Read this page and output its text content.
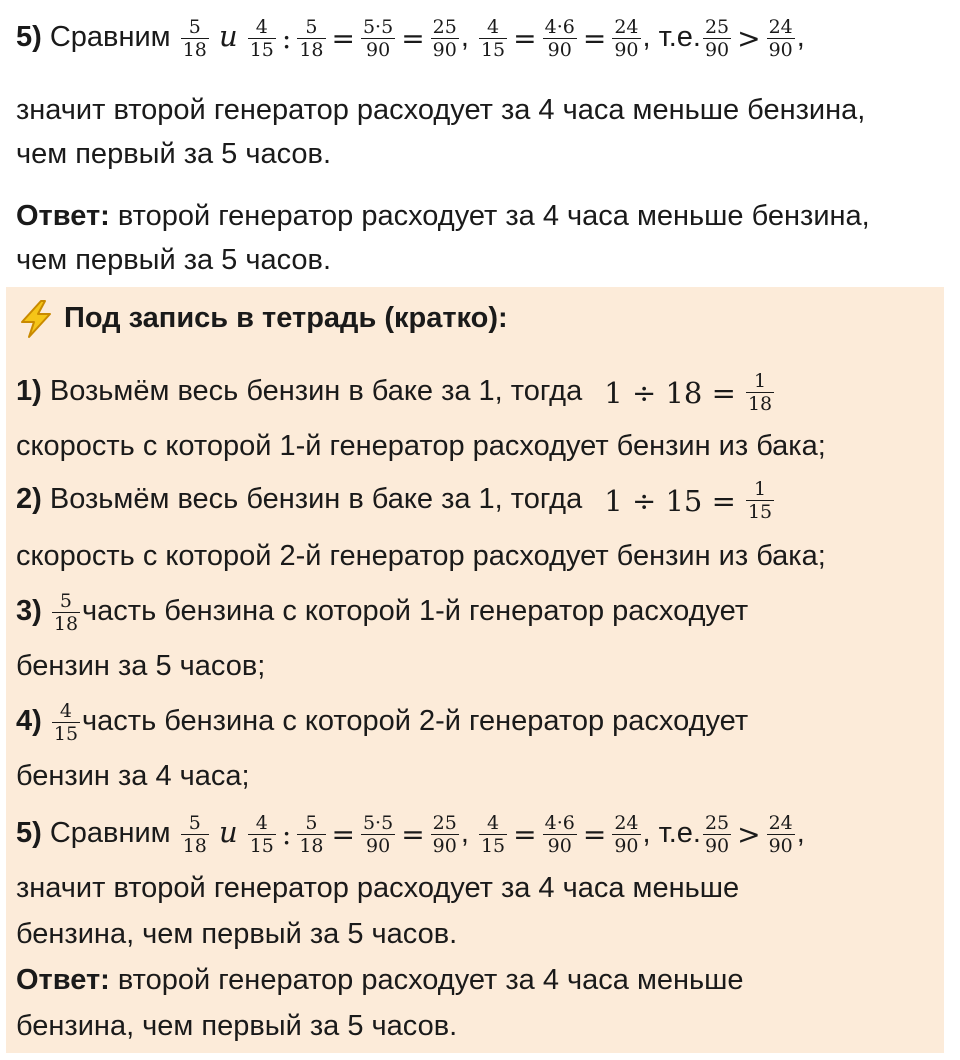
5) Сравним $\frac{5}{18}$ и $\frac{4}{15}$ : $\frac{5}{18} = \frac{5\cdot 5}{90} = \frac{25}{90}$ , $\frac{4}{15} = \frac{4\cdot 6}{90} = \frac{24}{90}$ , т.е. $\frac{25}{90} > \frac{24}{90}$ ,
значит второй генератор расходует за 4 часа меньше бензина,
чем первый за 5 часов.
Ответ: второй генератор расходует за 4 часа меньше бензина,
чем первый за 5 часов.
Под запись в тетрадь (кратко):
1) Возьмём весь бензин в баке за 1, тогда $1 \div 18 = \frac{1}{18}$
скорость с которой 1-й генератор расходует бензин из бака;
2) Возьмём весь бензин в баке за 1, тогда $1 \div 15 = \frac{1}{15}$
скорость с которой 2-й генератор расходует бензин из бака;
$3) \frac{5}{18}$ часть бензина с которой 1-й генератор расходует
бензин за 5 часов;
$4) \frac{4}{15}$ часть бензина с которой 2-й генератор расходует
бензин за 4 часа;
5) Сравним $\frac{5}{18}$ и $\frac{4}{15}$ : $\frac{5}{18} = \frac{5\cdot 5}{90} = \frac{25}{90}$ , $\frac{4}{15} = \frac{4\cdot 6}{90} = \frac{24}{90}$ , т.е. $\frac{25}{90} > \frac{24}{90}$ ,
значит второй генератор расходует за 4 часа меньше
бензина, чем первый за 5 часов.
Ответ: второй генератор расходует за 4 часа меньше
бензина, чем первый за 5 часов.
